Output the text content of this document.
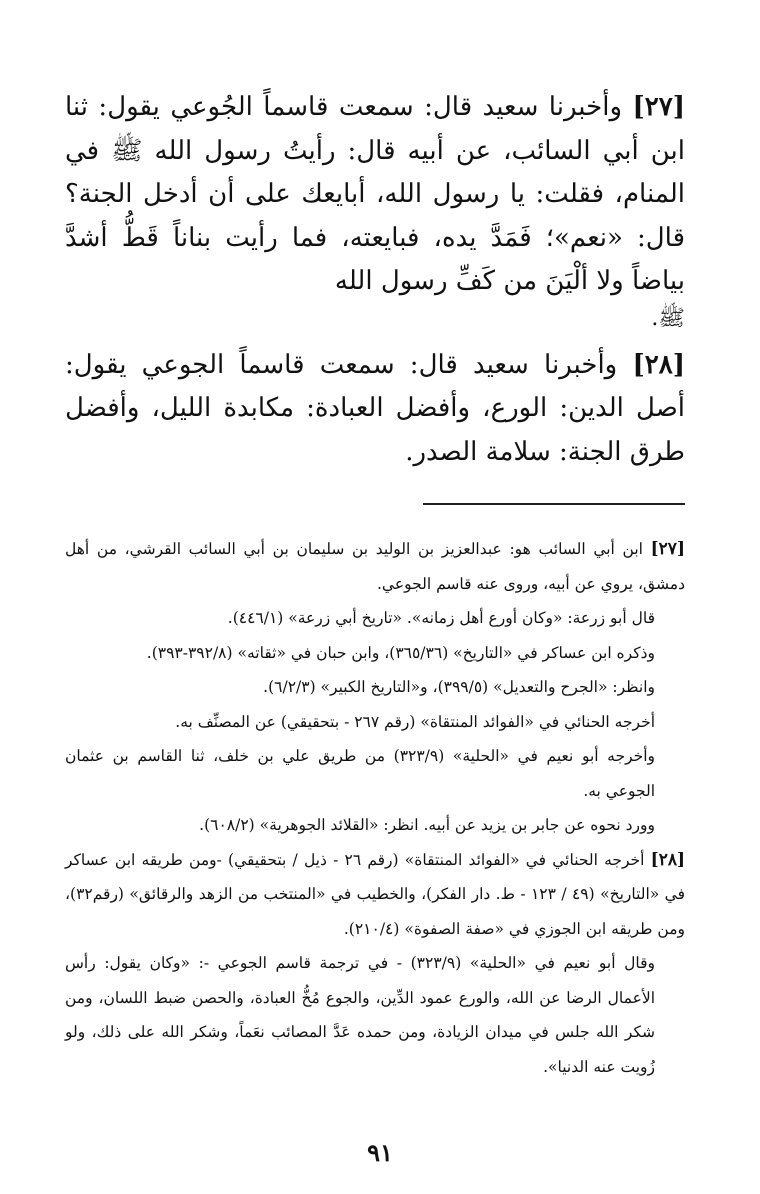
[٢٧] وأخبرنا سعيد قال: سمعت قاسماً الجُوعي يقول: ثنا ابن أبي السائب، عن أبيه قال: رأيتُ رسول الله ﷺ في المنام، فقلت: يا رسول الله، أبايعك على أن أدخل الجنة؟ قال: «نعم»؛ فَمَدَّ يده، فبايعته، فما رأيت بناناً قَطُّ أشدَّ بياضاً ولا ألْيَنَ من كَفِّ رسول الله
ﷺ.

[٢٨] وأخبرنا سعيد قال: سمعت قاسماً الجوعي يقول: أصل الدين: الورع، وأفضل العبادة: مكابدة الليل، وأفضل طرق الجنة: سلامة الصدر.

[٢٧] ابن أبي السائب هو: عبدالعزيز بن الوليد بن سليمان بن أبي السائب القرشي، من أهل دمشق، يروي عن أبيه، وروى عنه قاسم الجوعي.

قال أبو زرعة: «وكان أورع أهل زمانه». «تاريخ أبي زرعة» (٤٤٦/١).

وذكره ابن عساكر في «التاريخ» (٣٦٥/٣٦)، وابن حبان في «ثقاته» (٣٩٢/٨-٣٩٣).

وانظر: «الجرح والتعديل» (٣٩٩/٥)، و«التاريخ الكبير» (٦/٢/٣).

أخرجه الحنائي في «الفوائد المنتقاة» (رقم ٢٦٧ - بتحقيقي) عن المصنِّف به.

وأخرجه أبو نعيم في «الحلية» (٣٢٣/٩) من طريق علي بن خلف، ثنا القاسم بن عثمان الجوعي به.

وورد نحوه عن جابر بن يزيد عن أبيه. انظر: «القلائد الجوهرية» (٦٠٨/٢).

[٢٨] أخرجه الحنائي في «الفوائد المنتقاة» (رقم ٢٦ - ذيل / بتحقيقي) -ومن طريقه ابن عساكر في «التاريخ» (٤٩ / ١٢٣ - ط. دار الفكر)، والخطيب في «المنتخب من الزهد والرقائق» (رقم٣٢)، ومن طريقه ابن الجوزي في «صفة الصفوة» (٢١٠/٤).

وقال أبو نعيم في «الحلية» (٣٢٣/٩) - في ترجمة قاسم الجوعي -: «وكان يقول: رأس الأعمال الرضا عن الله، والورع عمود الدِّين، والجوع مُخُّ العبادة، والحصن ضبط اللسان، ومن شكر الله جلس في ميدان الزيادة، ومن حمده عَدَّ المصائب نعَماً، وشكر الله على ذلك، ولو زُويت عنه الدنيا».

٩١
